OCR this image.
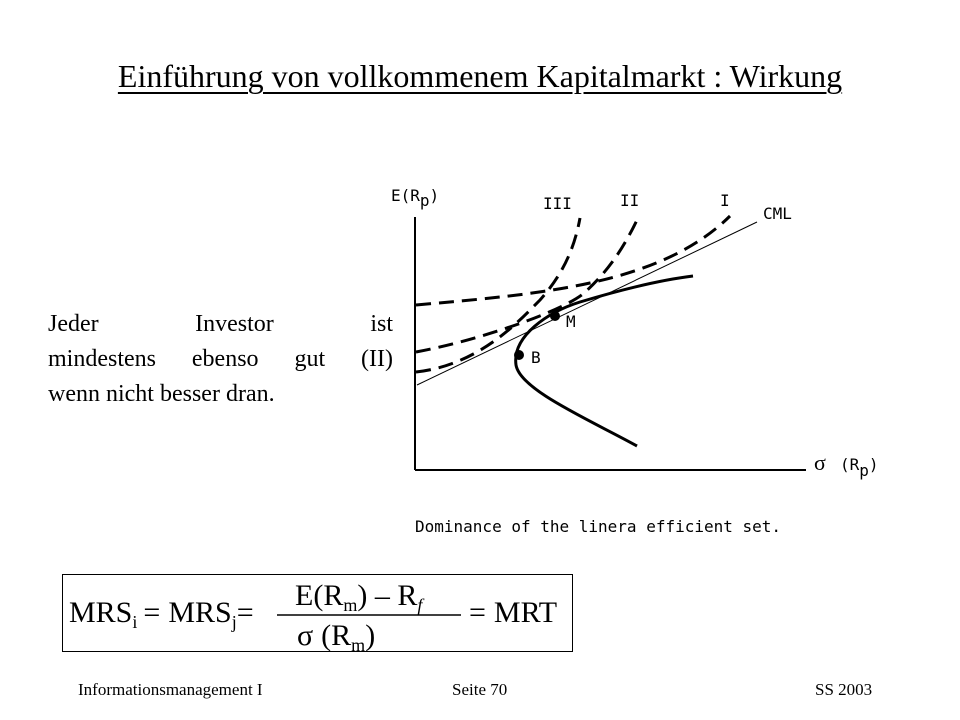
Einführung von vollkommenem Kapitalmarkt : Wirkung
Jeder Investor ist
mindestens ebenso gut (II)
wenn nicht besser dran.
E(Rp)
σ (Rp)
CML
III	II	I
M
B
Dominance of the linera efficient set.
$MRS_i = MRS_j=$
$E(R_m) - R_f$
σ $(R_m)$
= MRT
Informationsmanagement I	Seite 70	SS 2003
